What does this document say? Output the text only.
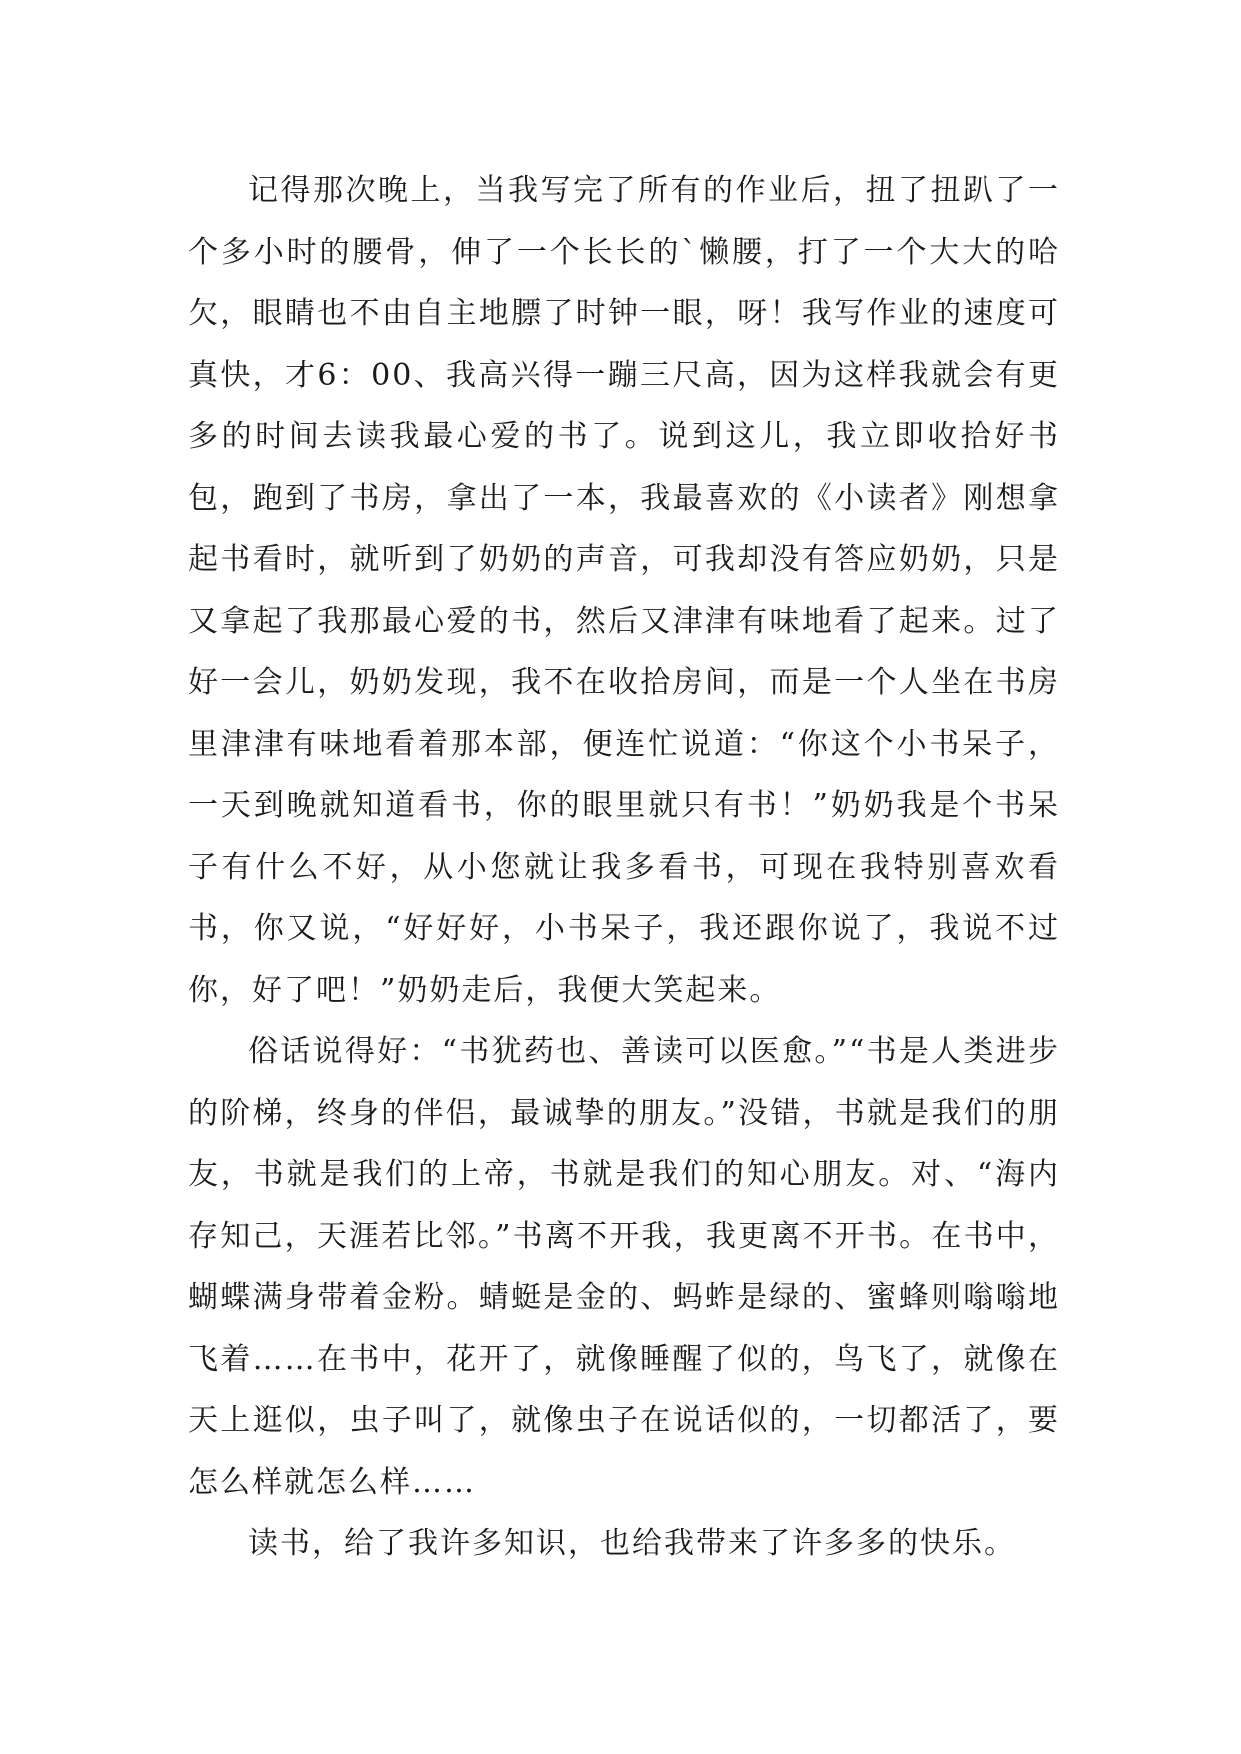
记得那次晚上，当我写完了所有的作业后，扭了扭趴了一个多小时的腰骨，伸了一个长长的`懒腰，打了一个大大的哈欠，眼睛也不由自主地膘了时钟一眼，呀！我写作业的速度可真快，才6：00、我高兴得一蹦三尺高，因为这样我就会有更多的时间去读我最心爱的书了。说到这儿，我立即收拾好书包，跑到了书房，拿出了一本，我最喜欢的《小读者》刚想拿起书看时，就听到了奶奶的声音，可我却没有答应奶奶，只是又拿起了我那最心爱的书，然后又津津有味地看了起来。过了好一会儿，奶奶发现，我不在收拾房间，而是一个人坐在书房里津津有味地看着那本部，便连忙说道：“你这个小书呆子，一天到晚就知道看书，你的眼里就只有书！”奶奶我是个书呆子有什么不好，从小您就让我多看书，可现在我特别喜欢看书，你又说，“好好好，小书呆子，我还跟你说了，我说不过你，好了吧！”奶奶走后，我便大笑起来。

俗话说得好：“书犹药也、善读可以医愈。”“书是人类进步的阶梯，终身的伴侣，最诚挚的朋友。”没错，书就是我们的朋友，书就是我们的上帝，书就是我们的知心朋友。对、“海内存知己，天涯若比邻。”书离不开我，我更离不开书。在书中，蝴蝶满身带着金粉。蜻蜓是金的、蚂蚱是绿的、蜜蜂则嗡嗡地飞着……在书中，花开了，就像睡醒了似的，鸟飞了，就像在天上逛似，虫子叫了，就像虫子在说话似的，一切都活了，要怎么样就怎么样……

读书，给了我许多知识，也给我带来了许多多的快乐。
